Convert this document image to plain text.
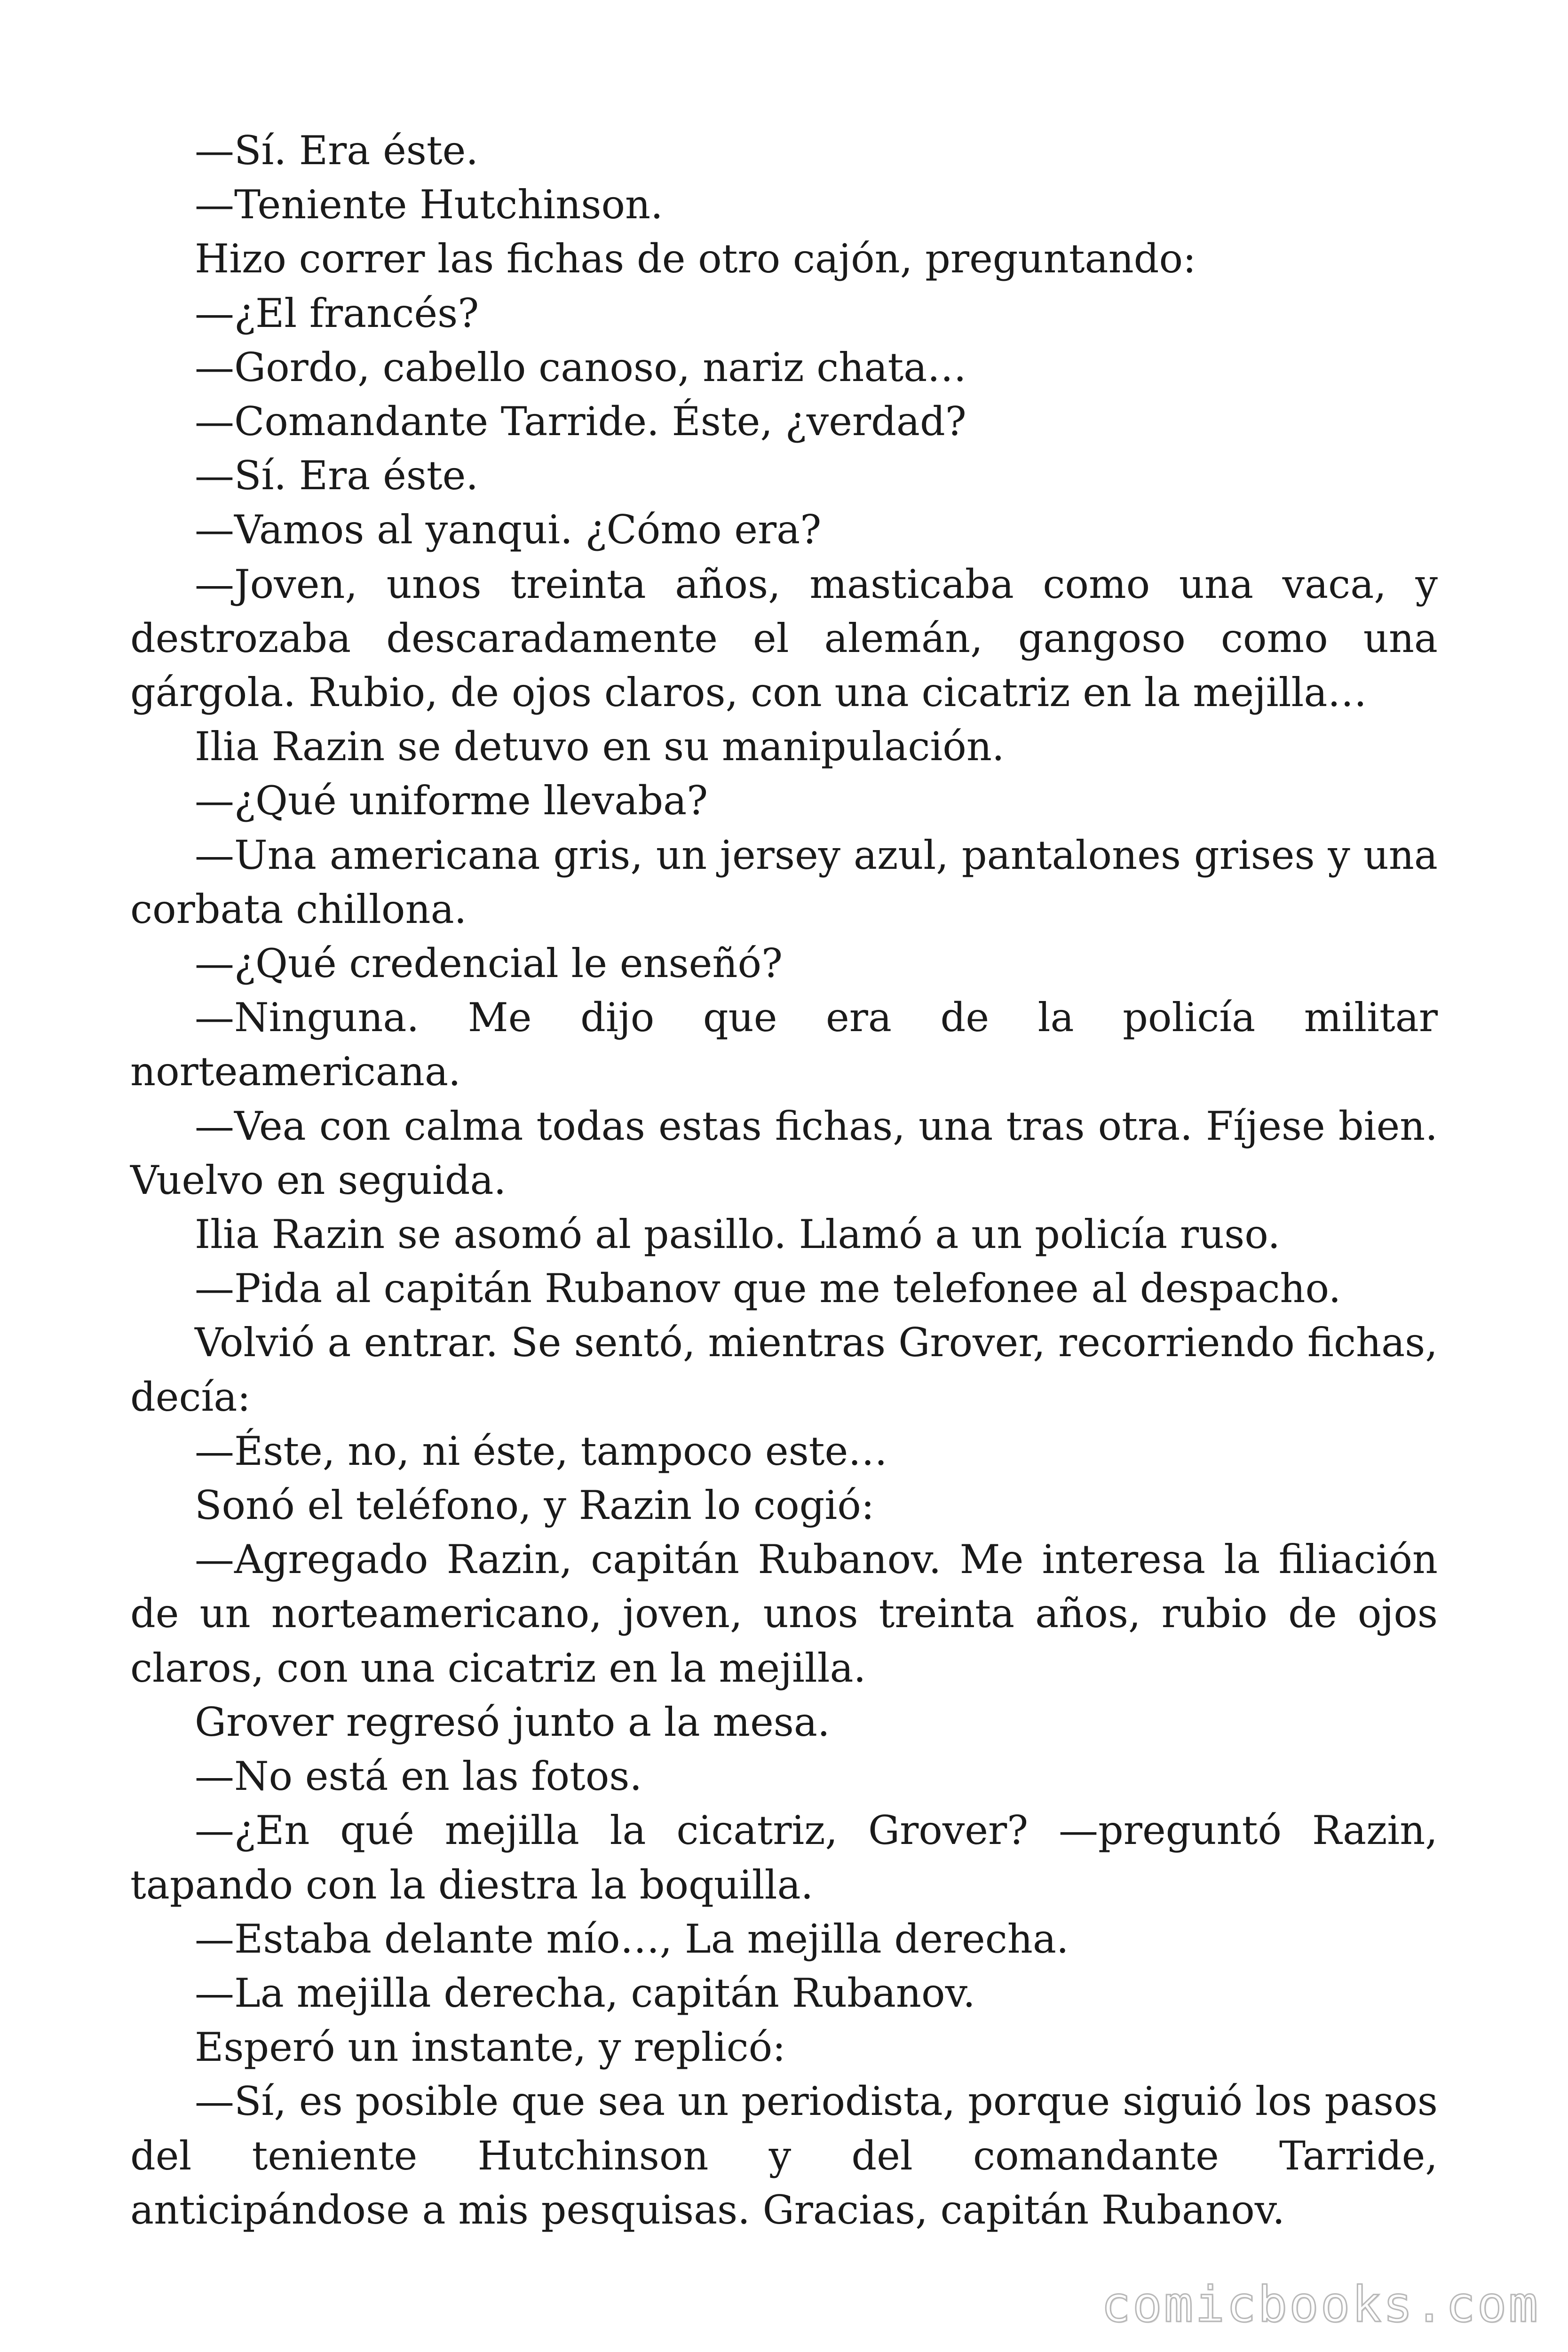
—Sí. Era éste.

—Teniente Hutchinson.

Hizo correr las fichas de otro cajón, preguntando:

—¿El francés?

—Gordo, cabello canoso, nariz chata…

—Comandante Tarride. Éste, ¿verdad?

—Sí. Era éste.

—Vamos al yanqui. ¿Cómo era?

—Joven, unos treinta años, masticaba como una vaca, y destrozaba descaradamente el alemán, gangoso como una gárgola. Rubio, de ojos claros, con una cicatriz en la mejilla…

Ilia Razin se detuvo en su manipulación.

—¿Qué uniforme llevaba?

—Una americana gris, un jersey azul, pantalones grises y una corbata chillona.

—¿Qué credencial le enseñó?

—Ninguna. Me dijo que era de la policía militar norteamericana.

—Vea con calma todas estas fichas, una tras otra. Fíjese bien. Vuelvo en seguida.

Ilia Razin se asomó al pasillo. Llamó a un policía ruso.

—Pida al capitán Rubanov que me telefonee al despacho.

Volvió a entrar. Se sentó, mientras Grover, recorriendo fichas, decía:

—Éste, no, ni éste, tampoco este…

Sonó el teléfono, y Razin lo cogió:

—Agregado Razin, capitán Rubanov. Me interesa la filiación de un norteamericano, joven, unos treinta años, rubio de ojos claros, con una cicatriz en la mejilla.

Grover regresó junto a la mesa.

—No está en las fotos.

—¿En qué mejilla la cicatriz, Grover? —preguntó Razin, tapando con la diestra la boquilla.

—Estaba delante mío…, La mejilla derecha.

—La mejilla derecha, capitán Rubanov.

Esperó un instante, y replicó:

—Sí, es posible que sea un periodista, porque siguió los pasos del teniente Hutchinson y del comandante Tarride, anticipándose a mis pesquisas. Gracias, capitán Rubanov.

comicbooks.com
